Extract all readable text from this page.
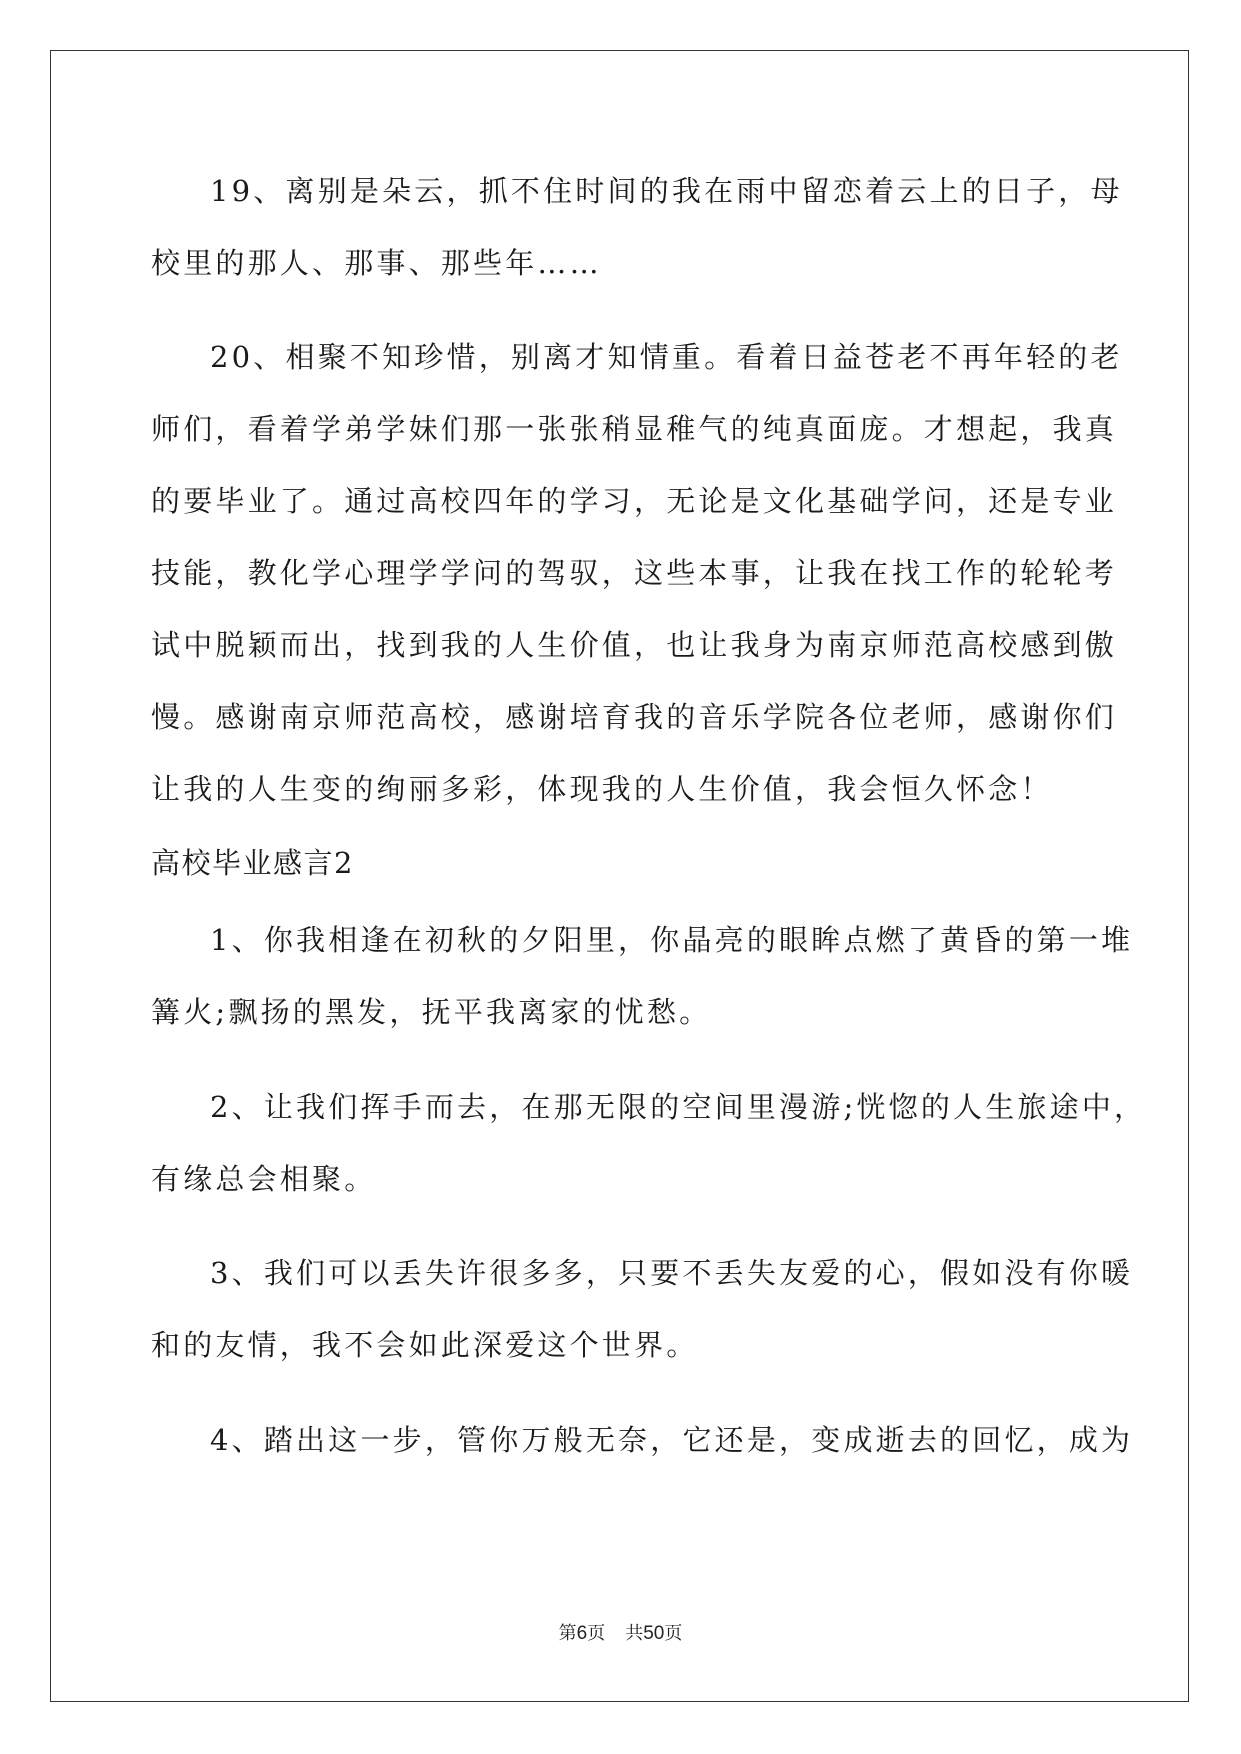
19、离别是朵云，抓不住时间的我在雨中留恋着云上的日子，母
校里的那人、那事、那些年……
20、相聚不知珍惜，别离才知情重。看着日益苍老不再年轻的老
师们，看着学弟学妹们那一张张稍显稚气的纯真面庞。才想起，我真
的要毕业了。通过高校四年的学习，无论是文化基础学问，还是专业
技能，教化学心理学学问的驾驭，这些本事，让我在找工作的轮轮考
试中脱颖而出，找到我的人生价值，也让我身为南京师范高校感到傲
慢。感谢南京师范高校，感谢培育我的音乐学院各位老师，感谢你们
让我的人生变的绚丽多彩，体现我的人生价值，我会恒久怀念！
高校毕业感言2
1、你我相逢在初秋的夕阳里，你晶亮的眼眸点燃了黄昏的第一堆
篝火;飘扬的黑发，抚平我离家的忧愁。
2、让我们挥手而去，在那无限的空间里漫游;恍惚的人生旅途中，
有缘总会相聚。
3、我们可以丢失许很多多，只要不丢失友爱的心，假如没有你暖
和的友情，我不会如此深爱这个世界。
4、踏出这一步，管你万般无奈，它还是，变成逝去的回忆，成为
第6页 共50页
